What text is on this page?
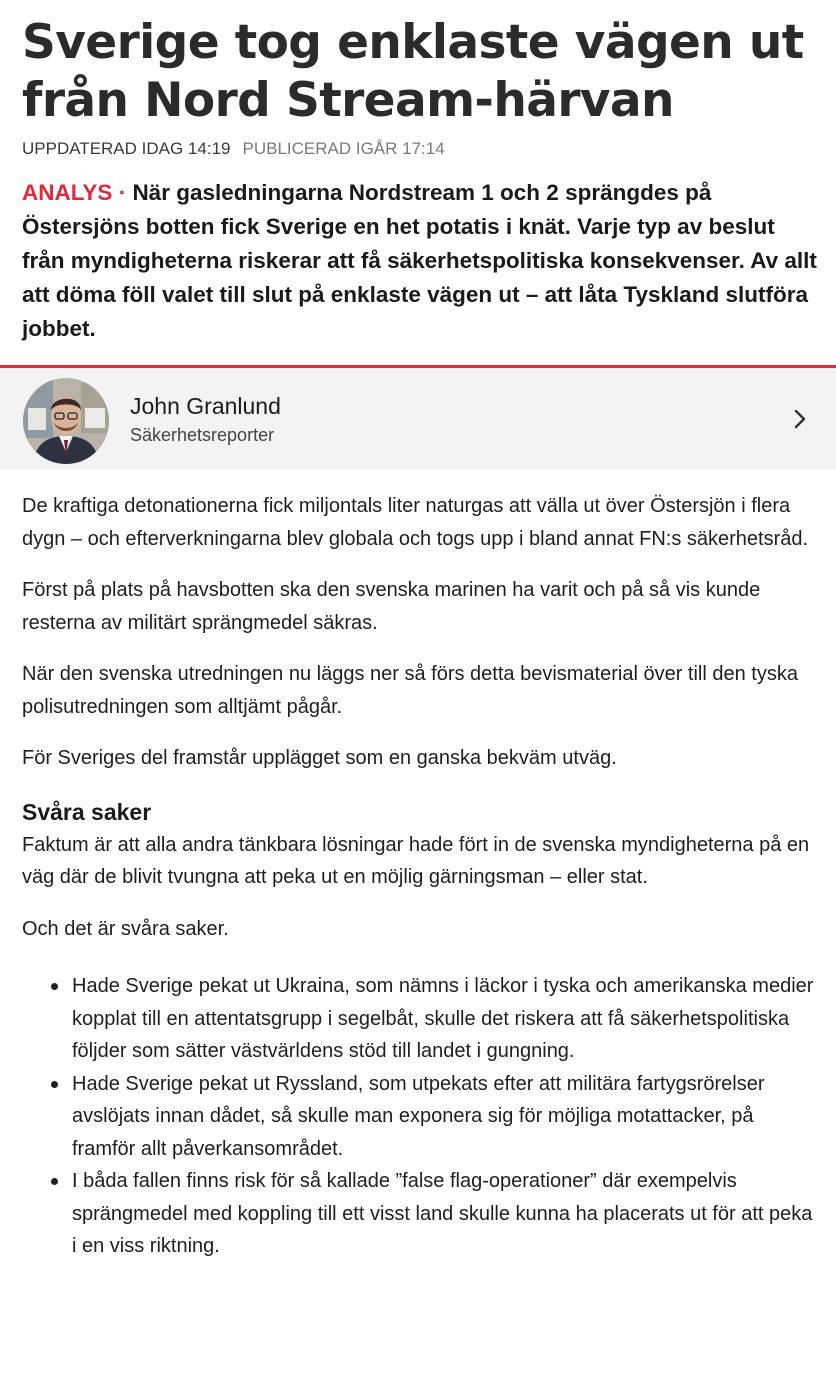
Sverige tog enklaste vägen ut från Nord Stream-härvan
UPPDATERAD IDAG 14:19 PUBLICERAD IGÅR 17:14
ANALYS · När gasledningarna Nordstream 1 och 2 sprängdes på Östersjöns botten fick Sverige en het potatis i knät. Varje typ av beslut från myndigheterna riskerar att få säkerhetspolitiska konsekvenser. Av allt att döma föll valet till slut på enklaste vägen ut – att låta Tyskland slutföra jobbet.
John Granlund
Säkerhetsreporter

De kraftiga detonationerna fick miljontals liter naturgas att välla ut över Östersjön i flera dygn – och efterverkningarna blev globala och togs upp i bland annat FN:s säkerhetsråd.

Först på plats på havsbotten ska den svenska marinen ha varit och på så vis kunde resterna av militärt sprängmedel säkras.

När den svenska utredningen nu läggs ner så förs detta bevismaterial över till den tyska polisutredningen som alltjämt pågår.

För Sveriges del framstår upplägget som en ganska bekväm utväg.

Svåra saker

Faktum är att alla andra tänkbara lösningar hade fört in de svenska myndigheterna på en väg där de blivit tvungna att peka ut en möjlig gärningsman – eller stat.

Och det är svåra saker.

Hade Sverige pekat ut Ukraina, som nämns i läckor i tyska och amerikanska medier kopplat till en attentatsgrupp i segelbåt, skulle det riskera att få säkerhetspolitiska följder som sätter västvärldens stöd till landet i gungning.
Hade Sverige pekat ut Ryssland, som utpekats efter att militära fartygsrörelser avslöjats innan dådet, så skulle man exponera sig för möjliga motattacker, på framför allt påverkansområdet.
I båda fallen finns risk för så kallade ”false flag-operationer” där exempelvis sprängmedel med koppling till ett visst land skulle kunna ha placerats ut för att peka i en viss riktning.
